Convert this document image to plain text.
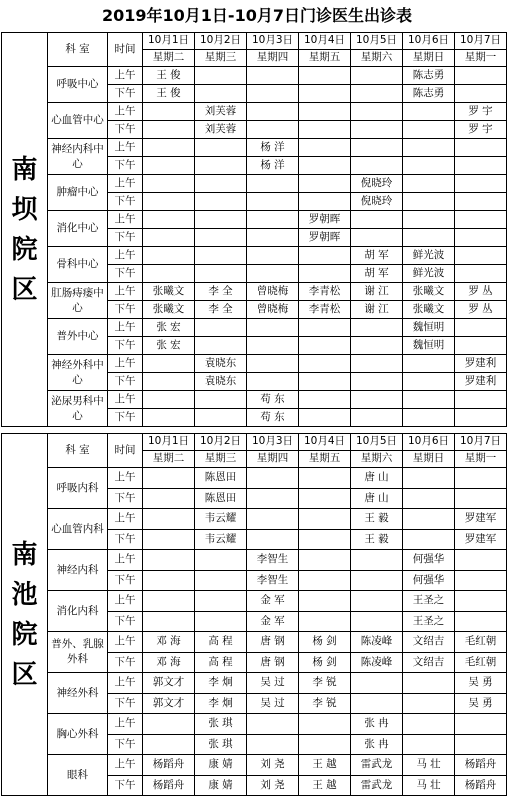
2019年10月1日-10月7日门诊医生出诊表
南坝院区	科 室	时间	10月1日	10月2日	10月3日	10月4日	10月5日	10月6日	10月7日
			星期二	星期三	星期四	星期五	星期六	星期日	星期一
	呼吸中心	上午	王 俊					陈志勇	
		下午	王 俊					陈志勇	
	心血管中心	上午		刘芙蓉					罗 宇
		下午		刘芙蓉					罗 宇
	神经内科中心	上午			杨 洋				
		下午			杨 洋				
	肿瘤中心	上午					倪晓玲		
		下午					倪晓玲		
	消化中心	上午				罗朝晖			
		下午				罗朝晖			
	骨科中心	上午					胡 军	鲜光波	
		下午					胡 军	鲜光波	
	肛肠痔瘘中心	上午	张曦文	李 全	曾晓梅	李青松	谢 江	张曦文	罗 丛
		下午	张曦文	李 全	曾晓梅	李青松	谢 江	张曦文	罗 丛
	普外中心	上午	张 宏					魏恒明	
		下午	张 宏					魏恒明	
	神经外科中心	上午		袁晓东					罗建利
		下午		袁晓东					罗建利
	泌尿男科中心	上午			苟 东				
		下午			苟 东				
南池院区	科 室	时间	10月1日	10月2日	10月3日	10月4日	10月5日	10月6日	10月7日
			星期二	星期三	星期四	星期五	星期六	星期日	星期一
	呼吸内科	上午		陈恩田			唐 山		
		下午		陈恩田			唐 山		
	心血管内科	上午		韦云耀			王 毅		罗建军
		下午		韦云耀			王 毅		罗建军
	神经内科	上午			李智生			何强华	
		下午			李智生			何强华	
	消化内科	上午			金 军			王圣之	
		下午			金 军			王圣之	
	普外、乳腺外科	上午	邓 海	高 程	唐 钢	杨 剑	陈凌峰	文绍吉	毛红朝
		下午	邓 海	高 程	唐 钢	杨 剑	陈凌峰	文绍吉	毛红朝
	神经外科	上午	郭文才	李 炯	吴 过	李 锐			吴 勇
		下午	郭文才	李 炯	吴 过	李 锐			吴 勇
	胸心外科	上午		张 琪			张 冉		
		下午		张 琪			张 冉		
	眼科	上午	杨蹈舟	康 婧	刘 尧	王 越	雷武龙	马 壮	杨蹈舟
		下午	杨蹈舟	康 婧	刘 尧	王 越	雷武龙	马 壮	杨蹈舟
